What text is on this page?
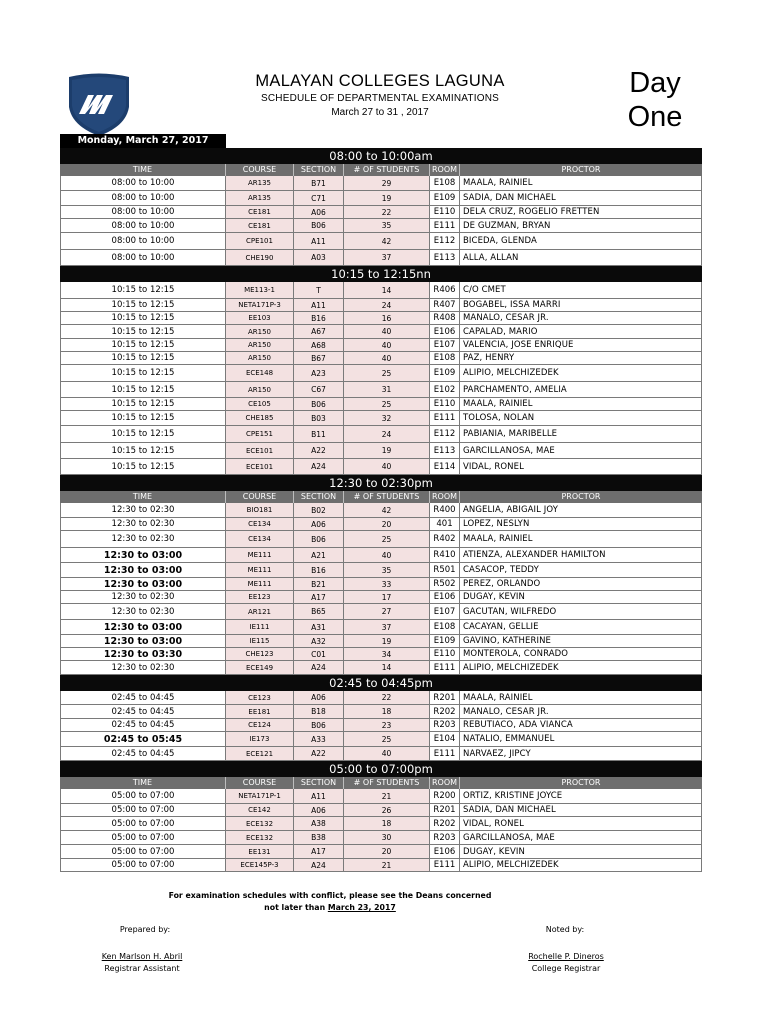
MALAYAN COLLEGES LAGUNA
SCHEDULE OF DEPARTMENTAL EXAMINATIONS
March 27 to 31 , 2017
Day
One
Monday, March 27, 2017
08:00 to 10:00am
TIME	COURSE	SECTION	# OF STUDENTS	ROOM	PROCTOR
08:00 to 10:00	AR135	B71	29	E108 MAALA, RAINIEL
08:00 to 10:00	AR135	C71	19	E109 SADIA, DAN MICHAEL
08:00 to 10:00	CE181	A06	22	E110 DELA CRUZ, ROGELIO FRETTEN
08:00 to 10:00	CE181	B06	35	E111 DE GUZMAN, BRYAN
08:00 to 10:00	CPE101	A11	42	E112 BICEDA, GLENDA
08:00 to 10:00	CHE190	A03	37	E113 ALLA, ALLAN
10:15 to 12:15nn
10:15 to 12:15	ME113-1	T	14	R406 C/O CMET
10:15 to 12:15	NETA171P-3	A11	24	R407 BOGABEL, ISSA MARRI
10:15 to 12:15	EE103	B16	16	R408 MANALO, CESAR JR.
10:15 to 12:15	AR150	A67	40	E106 CAPALAD, MARIO
10:15 to 12:15	AR150	A68	40	E107 VALENCIA, JOSE ENRIQUE
10:15 to 12:15	AR150	B67	40	E108 PAZ, HENRY
10:15 to 12:15	ECE148	A23	25	E109 ALIPIO, MELCHIZEDEK
10:15 to 12:15	AR150	C67	31	E102 PARCHAMENTO, AMELIA
10:15 to 12:15	CE105	B06	25	E110 MAALA, RAINIEL
10:15 to 12:15	CHE185	B03	32	E111 TOLOSA, NOLAN
10:15 to 12:15	CPE151	B11	24	E112 PABIANIA, MARIBELLE
10:15 to 12:15	ECE101	A22	19	E113 GARCILLANOSA, MAE
10:15 to 12:15	ECE101	A24	40	E114 VIDAL, RONEL
12:30 to 02:30pm
TIME	COURSE	SECTION	# OF STUDENTS	ROOM	PROCTOR
12:30 to 02:30	BIO181	B02	42	R400 ANGELIA, ABIGAIL JOY
12:30 to 02:30	CE134	A06	20	401	LOPEZ, NESLYN
12:30 to 02:30	CE134	B06	25	R402 MAALA, RAINIEL
12:30 to 03:00	ME111	A21	40	R410 ATIENZA, ALEXANDER HAMILTON
12:30 to 03:00	ME111	B16	35	R501 CASACOP, TEDDY
12:30 to 03:00	ME111	B21	33	R502 PEREZ, ORLANDO
12:30 to 02:30	EE123	A17	17	E106 DUGAY, KEVIN
12:30 to 02:30	AR121	B65	27	E107 GACUTAN, WILFREDO
12:30 to 03:00	IE111	A31	37	E108 CACAYAN, GELLIE
12:30 to 03:00	IE115	A32	19	E109 GAVINO, KATHERINE
12:30 to 03:30	CHE123	C01	34	E110 MONTEROLA, CONRADO
12:30 to 02:30	ECE149	A24	14	E111 ALIPIO, MELCHIZEDEK
02:45 to 04:45pm
02:45 to 04:45	CE123	A06	22	R201 MAALA, RAINIEL
02:45 to 04:45	EE181	B18	18	R202 MANALO, CESAR JR.
02:45 to 04:45	CE124	B06	23	R203 REBUTIACO, ADA VIANCA
02:45 to 05:45	IE173	A33	25	E104 NATALIO, EMMANUEL
02:45 to 04:45	ECE121	A22	40	E111 NARVAEZ, JIPCY
05:00 to 07:00pm
TIME	COURSE	SECTION	# OF STUDENTS	ROOM	PROCTOR
05:00 to 07:00	NETA171P-1	A11	21	R200 ORTIZ, KRISTINE JOYCE
05:00 to 07:00	CE142	A06	26	R201 SADIA, DAN MICHAEL
05:00 to 07:00	ECE132	A38	18	R202 VIDAL, RONEL
05:00 to 07:00	ECE132	B38	30	R203 GARCILLANOSA, MAE
05:00 to 07:00	EE131	A17	20	E106 DUGAY, KEVIN
05:00 to 07:00	ECE145P-3	A24	21	E111 ALIPIO, MELCHIZEDEK
For examination schedules with conflict, please see the Deans concerned
not later than March 23, 2017
Prepared by:	Noted by:
Ken Marlson H. Abril
Registrar Assistant
Rochelle P. Dineros
College Registrar
